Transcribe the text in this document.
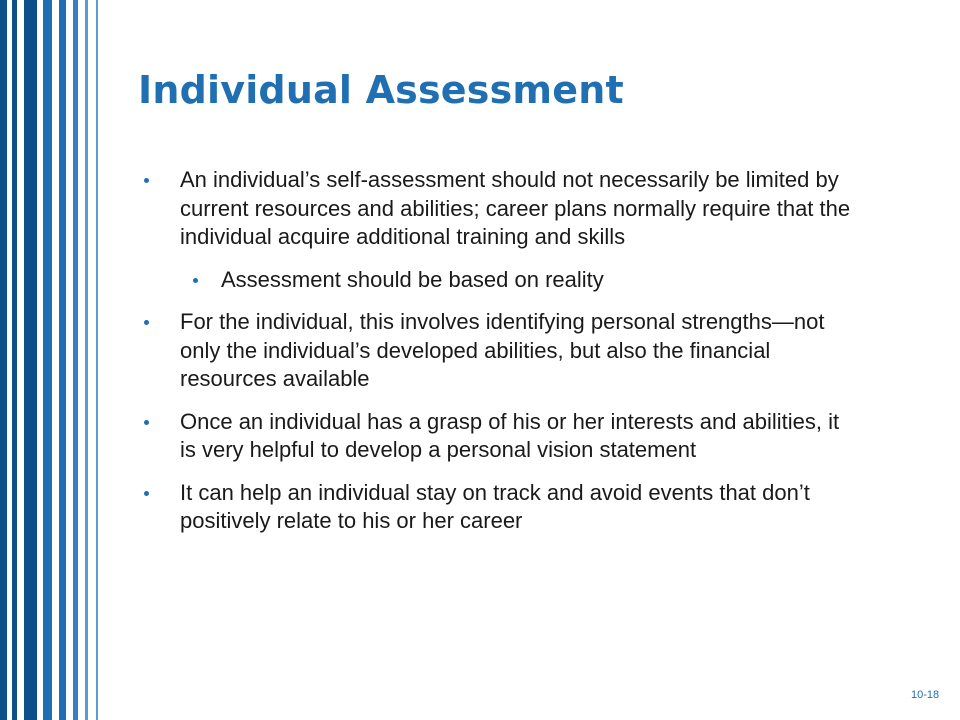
Individual Assessment
An individual’s self-assessment should not necessarily be limited by current resources and abilities; career plans normally require that the individual acquire additional training and skills
Assessment should be based on reality
For the individual, this involves identifying personal strengths—not only the individual’s developed abilities, but also the financial resources available
Once an individual has a grasp of his or her interests and abilities, it is very helpful to develop a personal vision statement
It can help an individual stay on track and avoid events that don’t positively relate to his or her career
10-18
